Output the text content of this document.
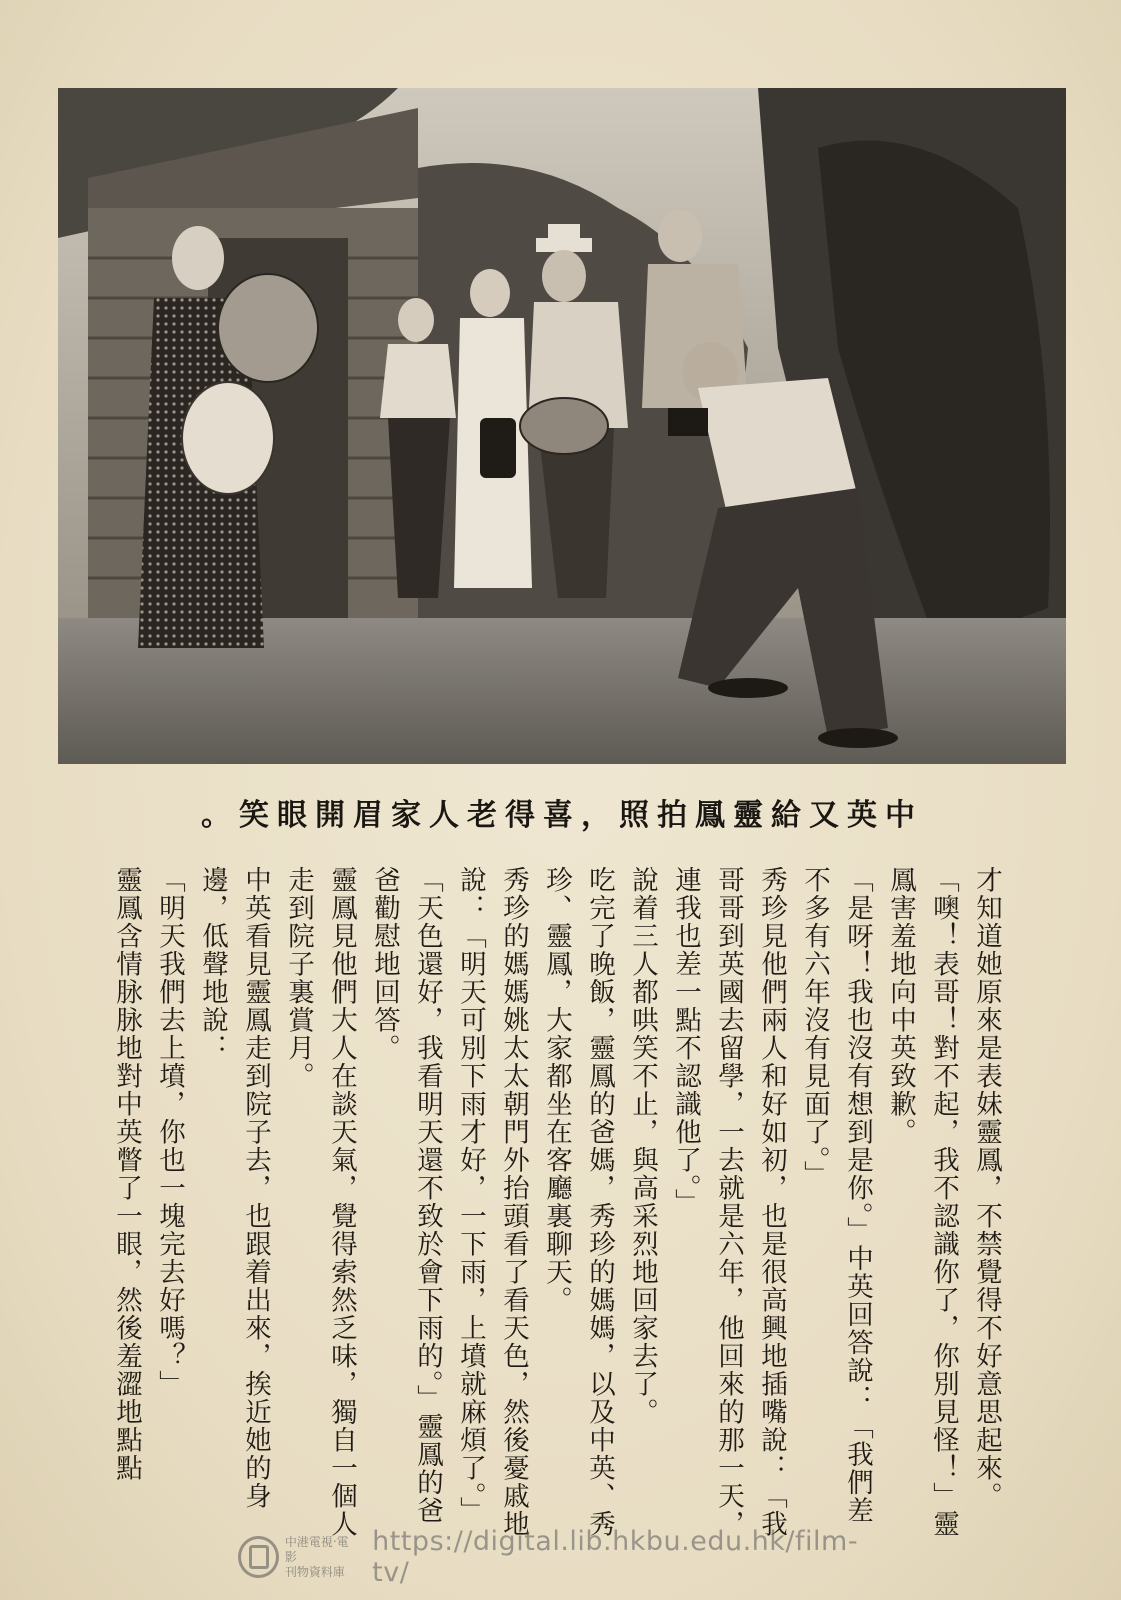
中英又給靈鳳拍照，喜得老人家眉開眼笑。

才知道她原來是表妹靈鳳，不禁覺得不好意思起來。

「噢！表哥！對不起，我不認識你了，你別見怪！」靈鳳害羞地向中英致歉。

「是呀！我也沒有想到是你。」中英回答說：「我們差不多有六年沒有見面了。」

秀珍見他們兩人和好如初，也是很高興地插嘴說：「我哥哥到英國去留學，一去就是六年，他回來的那一天，連我也差一點不認識他了。」

說着三人都哄笑不止，與高采烈地回家去了。

吃完了晚飯，靈鳳的爸媽，秀珍的媽媽，以及中英、秀珍、靈鳳，大家都坐在客廳裏聊天。

秀珍的媽媽姚太太朝門外抬頭看了看天色，然後憂戚地說：「明天可別下雨才好，一下雨，上墳就麻煩了。」

「天色還好，我看明天還不致於會下雨的。」靈鳳的爸爸勸慰地回答。

靈鳳見他們大人在談天氣，覺得索然乏味，獨自一個人走到院子裏賞月。

中英看見靈鳳走到院子去，也跟着出來，挨近她的身邊，低聲地說：

「明天我們去上墳，你也一塊完去好嗎？」

靈鳳含情脉脉地對中英瞥了一眼，然後羞澀地點點

中港電視‧電影
刊物資料庫
https://digital.lib.hkbu.edu.hk/film-tv/
